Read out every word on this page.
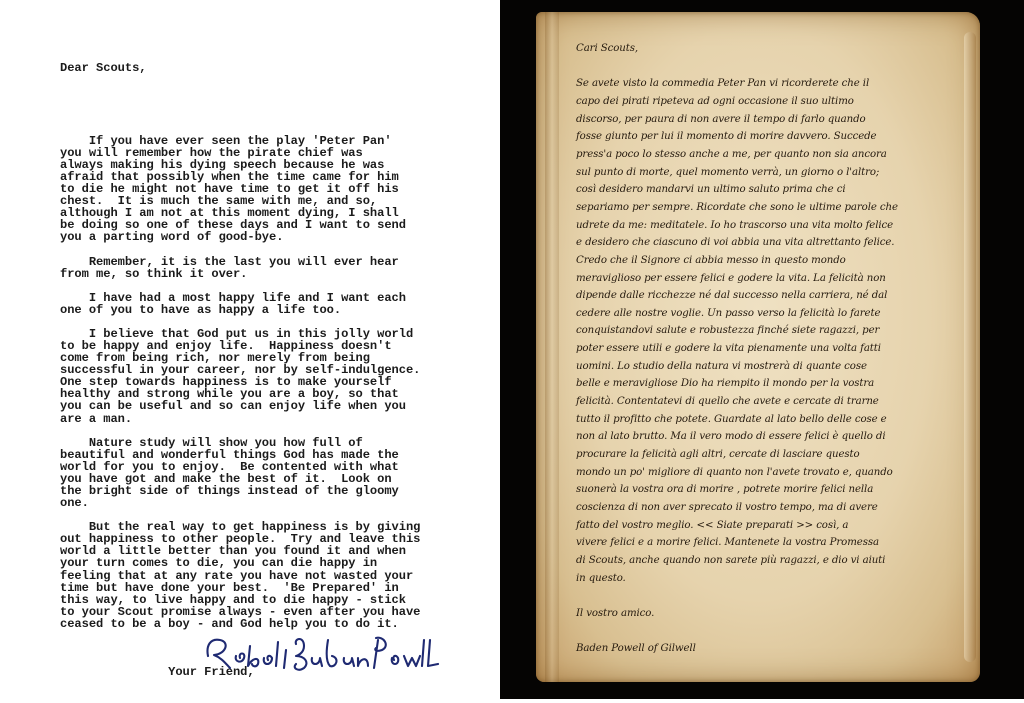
Dear Scouts,

If you have ever seen the play 'Peter Pan'

you will remember how the pirate chief was

always making his dying speech because he was

afraid that possibly when the time came for him

to die he might not have time to get it off his

chest.  It is much the same with me, and so,

although I am not at this moment dying, I shall

be doing so one of these days and I want to send

you a parting word of good-bye.

Remember, it is the last you will ever hear

from me, so think it over.

I have had a most happy life and I want each

one of you to have as happy a life too.

I believe that God put us in this jolly world

to be happy and enjoy life.  Happiness doesn't

come from being rich, nor merely from being

successful in your career, nor by self-indulgence.

One step towards happiness is to make yourself

healthy and strong while you are a boy, so that

you can be useful and so can enjoy life when you

are a man.

Nature study will show you how full of

beautiful and wonderful things God has made the

world for you to enjoy.  Be contented with what

you have got and make the best of it.  Look on

the bright side of things instead of the gloomy

one.

But the real way to get happiness is by giving

out happiness to other people.  Try and leave this

world a little better than you found it and when

your turn comes to die, you can die happy in

feeling that at any rate you have not wasted your

time but have done your best.  'Be Prepared' in

this way, to live happy and to die happy - stick

to your Scout promise always - even after you have

ceased to be a boy - and God help you to do it.

Your Friend,

Cari Scouts,
Se avete visto la commedia Peter Pan vi ricorderete che il
capo dei pirati ripeteva ad ogni occasione il suo ultimo
discorso, per paura di non avere il tempo di farlo quando
fosse giunto per lui il momento di morire davvero. Succede
press'a poco lo stesso anche a me, per quanto non sia ancora
sul punto di morte, quel momento verrà, un giorno o l'altro;
così desidero mandarvi un ultimo saluto prima che ci
separiamo per sempre. Ricordate che sono le ultime parole che
udrete da me: meditatele. Io ho trascorso una vita molto felice
e desidero che ciascuno di voi abbia una vita altrettanto felice.
Credo che il Signore ci abbia messo in questo mondo
meraviglioso per essere felici e godere la vita. La felicità non
dipende dalle ricchezze né dal successo nella carriera, né dal
cedere alle nostre voglie. Un passo verso la felicità lo farete
conquistandovi salute e robustezza finché siete ragazzi, per
poter essere utili e godere la vita pienamente una volta fatti
uomini. Lo studio della natura vi mostrerà di quante cose
belle e meravigliose Dio ha riempito il mondo per la vostra
felicità. Contentatevi di quello che avete e cercate di trarne
tutto il profitto che potete. Guardate al lato bello delle cose e
non al lato brutto. Ma il vero modo di essere felici è quello di
procurare la felicità agli altri, cercate di lasciare questo
mondo un po' migliore di quanto non l'avete trovato e, quando
suonerà la vostra ora di morire , potrete morire felici nella
coscienza di non aver sprecato il vostro tempo, ma di avere
fatto del vostro meglio. << Siate preparati >> così, a
vivere felici e a morire felici. Mantenete la vostra Promessa
di Scouts, anche quando non sarete più ragazzi, e dio vi aiuti
in questo.
Il vostro amico.
Baden Powell of Gilwell
